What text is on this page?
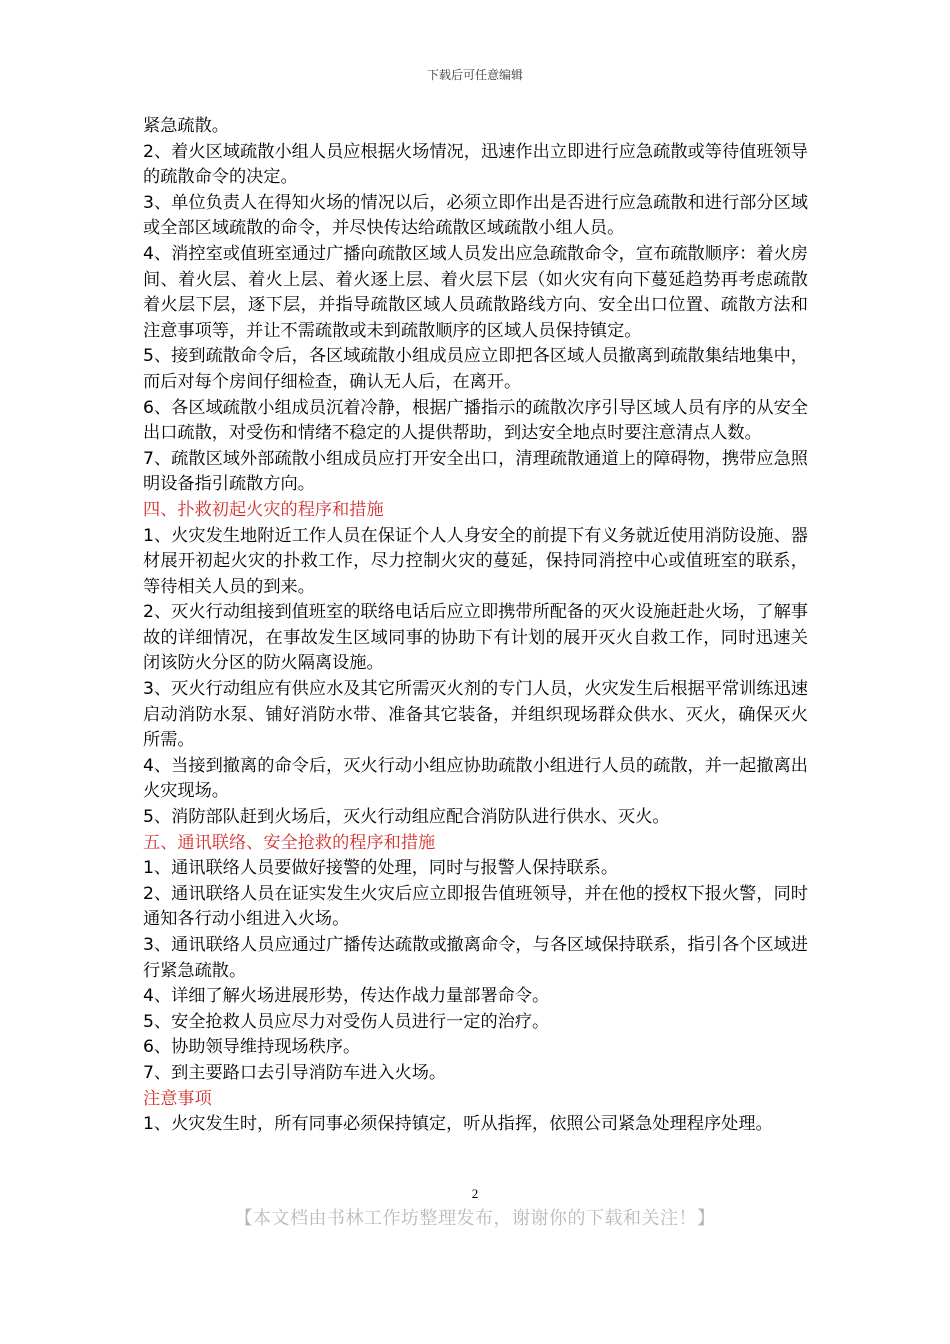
下载后可任意编辑

紧急疏散。

2、着火区域疏散小组人员应根据火场情况，迅速作出立即进行应急疏散或等待值班领导的疏散命令的决定。

3、单位负责人在得知火场的情况以后，必须立即作出是否进行应急疏散和进行部分区域或全部区域疏散的命令，并尽快传达给疏散区域疏散小组人员。

4、消控室或值班室通过广播向疏散区域人员发出应急疏散命令，宣布疏散顺序：着火房间、着火层、着火上层、着火逐上层、着火层下层（如火灾有向下蔓延趋势再考虑疏散着火层下层，逐下层，并指导疏散区域人员疏散路线方向、安全出口位置、疏散方法和注意事项等，并让不需疏散或未到疏散顺序的区域人员保持镇定。

5、接到疏散命令后，各区域疏散小组成员应立即把各区域人员撤离到疏散集结地集中，而后对每个房间仔细检查，确认无人后，在离开。

6、各区域疏散小组成员沉着冷静，根据广播指示的疏散次序引导区域人员有序的从安全出口疏散，对受伤和情绪不稳定的人提供帮助，到达安全地点时要注意清点人数。

7、疏散区域外部疏散小组成员应打开安全出口，清理疏散通道上的障碍物，携带应急照明设备指引疏散方向。

四、扑救初起火灾的程序和措施

1、火灾发生地附近工作人员在保证个人人身安全的前提下有义务就近使用消防设施、器材展开初起火灾的扑救工作，尽力控制火灾的蔓延，保持同消控中心或值班室的联系，等待相关人员的到来。

2、灭火行动组接到值班室的联络电话后应立即携带所配备的灭火设施赶赴火场，了解事故的详细情况，在事故发生区域同事的协助下有计划的展开灭火自救工作，同时迅速关闭该防火分区的防火隔离设施。

3、灭火行动组应有供应水及其它所需灭火剂的专门人员，火灾发生后根据平常训练迅速启动消防水泵、铺好消防水带、准备其它装备，并组织现场群众供水、灭火，确保灭火所需。

4、当接到撤离的命令后，灭火行动小组应协助疏散小组进行人员的疏散，并一起撤离出火灾现场。

5、消防部队赶到火场后，灭火行动组应配合消防队进行供水、灭火。

五、通讯联络、安全抢救的程序和措施

1、通讯联络人员要做好接警的处理，同时与报警人保持联系。

2、通讯联络人员在证实发生火灾后应立即报告值班领导，并在他的授权下报火警，同时通知各行动小组进入火场。

3、通讯联络人员应通过广播传达疏散或撤离命令，与各区域保持联系，指引各个区域进行紧急疏散。

4、详细了解火场进展形势，传达作战力量部署命令。

5、安全抢救人员应尽力对受伤人员进行一定的治疗。

6、协助领导维持现场秩序。

7、到主要路口去引导消防车进入火场。

注意事项

1、火灾发生时，所有同事必须保持镇定，听从指挥，依照公司紧急处理程序处理。

2
【本文档由书林工作坊整理发布，谢谢你的下载和关注！】
